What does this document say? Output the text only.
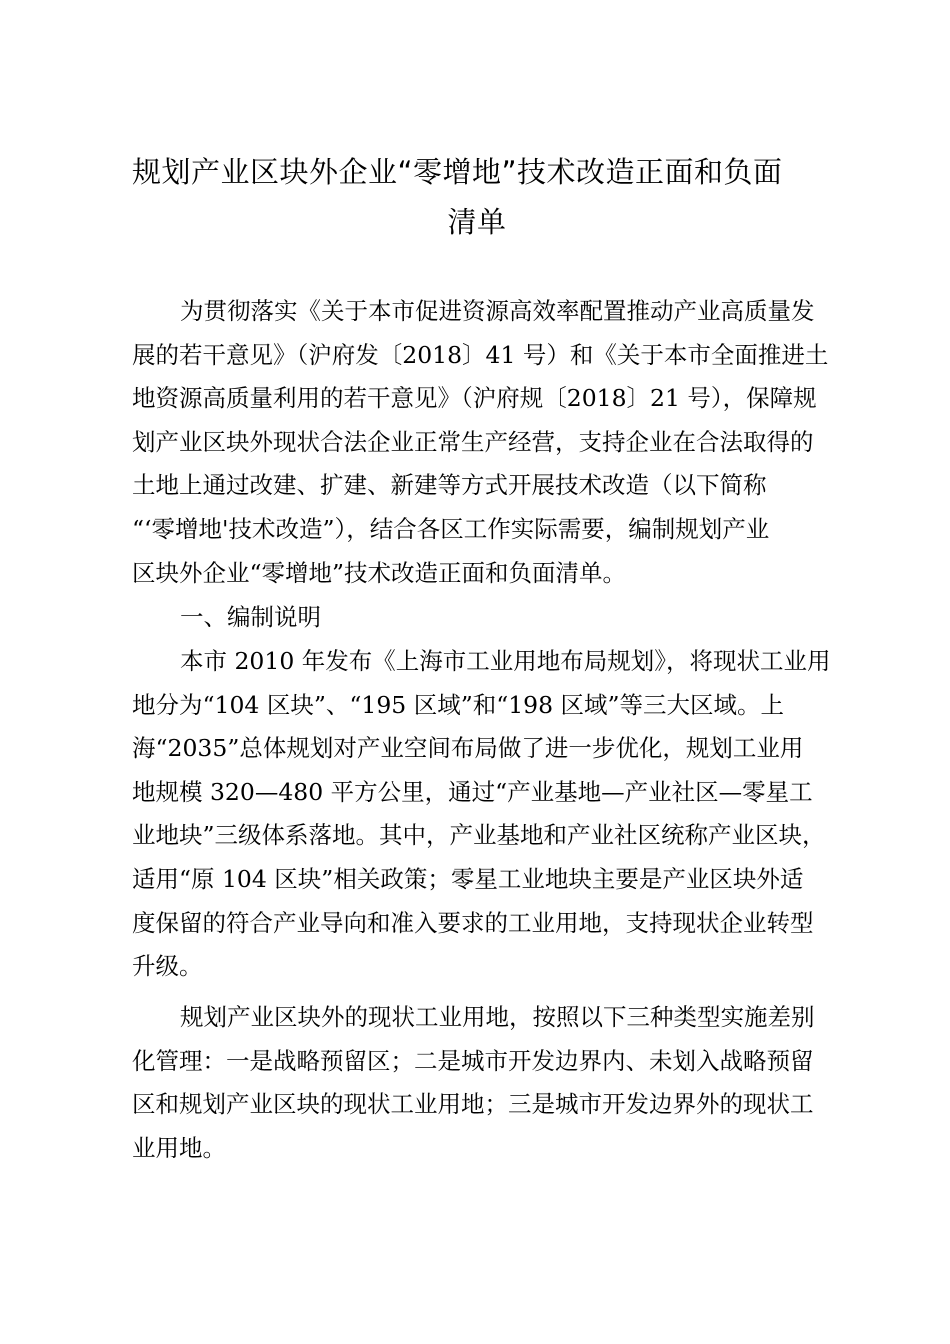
规划产业区块外企业“零增地”技术改造正面和负面
清单
为贯彻落实《关于本市促进资源高效率配置推动产业高质量发
展的若干意见》（沪府发〔2018〕41 号）和《关于本市全面推进土
地资源高质量利用的若干意见》（沪府规〔2018〕21 号），保障规
划产业区块外现状合法企业正常生产经营，支持企业在合法取得的
土地上通过改建、扩建、新建等方式开展技术改造（以下简称
“‘零增地'技术改造”），结合各区工作实际需要，编制规划产业
区块外企业“零增地”技术改造正面和负面清单。
一、编制说明
本市 2010 年发布《上海市工业用地布局规划》，将现状工业用
地分为“104 区块”、“195 区域”和“198 区域”等三大区域。上
海“2035”总体规划对产业空间布局做了进一步优化，规划工业用
地规模 320—480 平方公里，通过“产业基地—产业社区—零星工
业地块”三级体系落地。其中，产业基地和产业社区统称产业区块，
适用“原 104 区块”相关政策；零星工业地块主要是产业区块外适
度保留的符合产业导向和准入要求的工业用地，支持现状企业转型
升级。
规划产业区块外的现状工业用地，按照以下三种类型实施差别
化管理：一是战略预留区；二是城市开发边界内、未划入战略预留
区和规划产业区块的现状工业用地；三是城市开发边界外的现状工
业用地。
